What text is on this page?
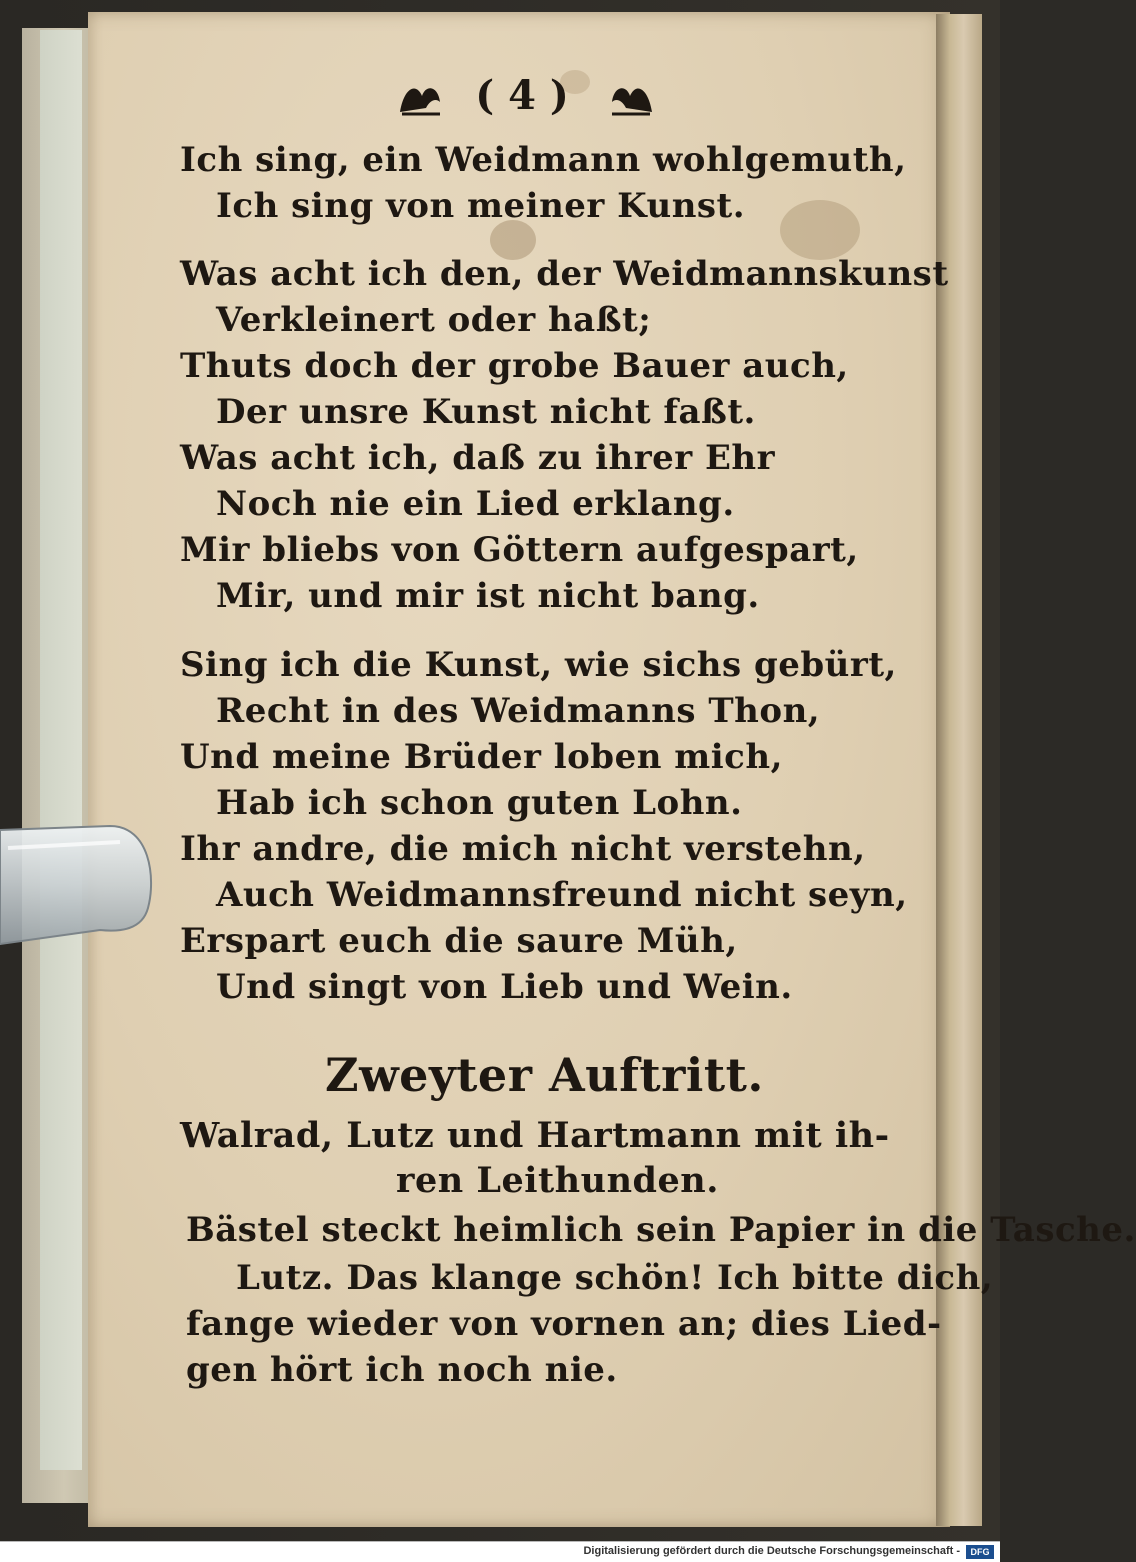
( 4 )
Ich sing, ein Weidmann wohlgemuth,
Ich sing von meiner Kunst.
Was acht ich den, der Weidmannskunst
Verkleinert oder haßt;
Thuts doch der grobe Bauer auch,
Der unsre Kunst nicht faßt.
Was acht ich, daß zu ihrer Ehr
Noch nie ein Lied erklang.
Mir bliebs von Göttern aufgespart,
Mir, und mir ist nicht bang.
Sing ich die Kunst, wie sichs gebürt,
Recht in des Weidmanns Thon,
Und meine Brüder loben mich,
Hab ich schon guten Lohn.
Ihr andre, die mich nicht verstehn,
Auch Weidmannsfreund nicht seyn,
Erspart euch die saure Müh,
Und singt von Lieb und Wein.
Zweyter Auftritt.
Walrad, Lutz und Hartmann mit ih-
ren Leithunden.
Bästel steckt heimlich sein Papier in die Tasche.
Lutz. Das klange schön! Ich bitte dich,
fange wieder von vornen an; dies Lied-
gen hört ich noch nie.
Digitalisierung gefördert durch die Deutsche Forschungsgemeinschaft -	DFG
